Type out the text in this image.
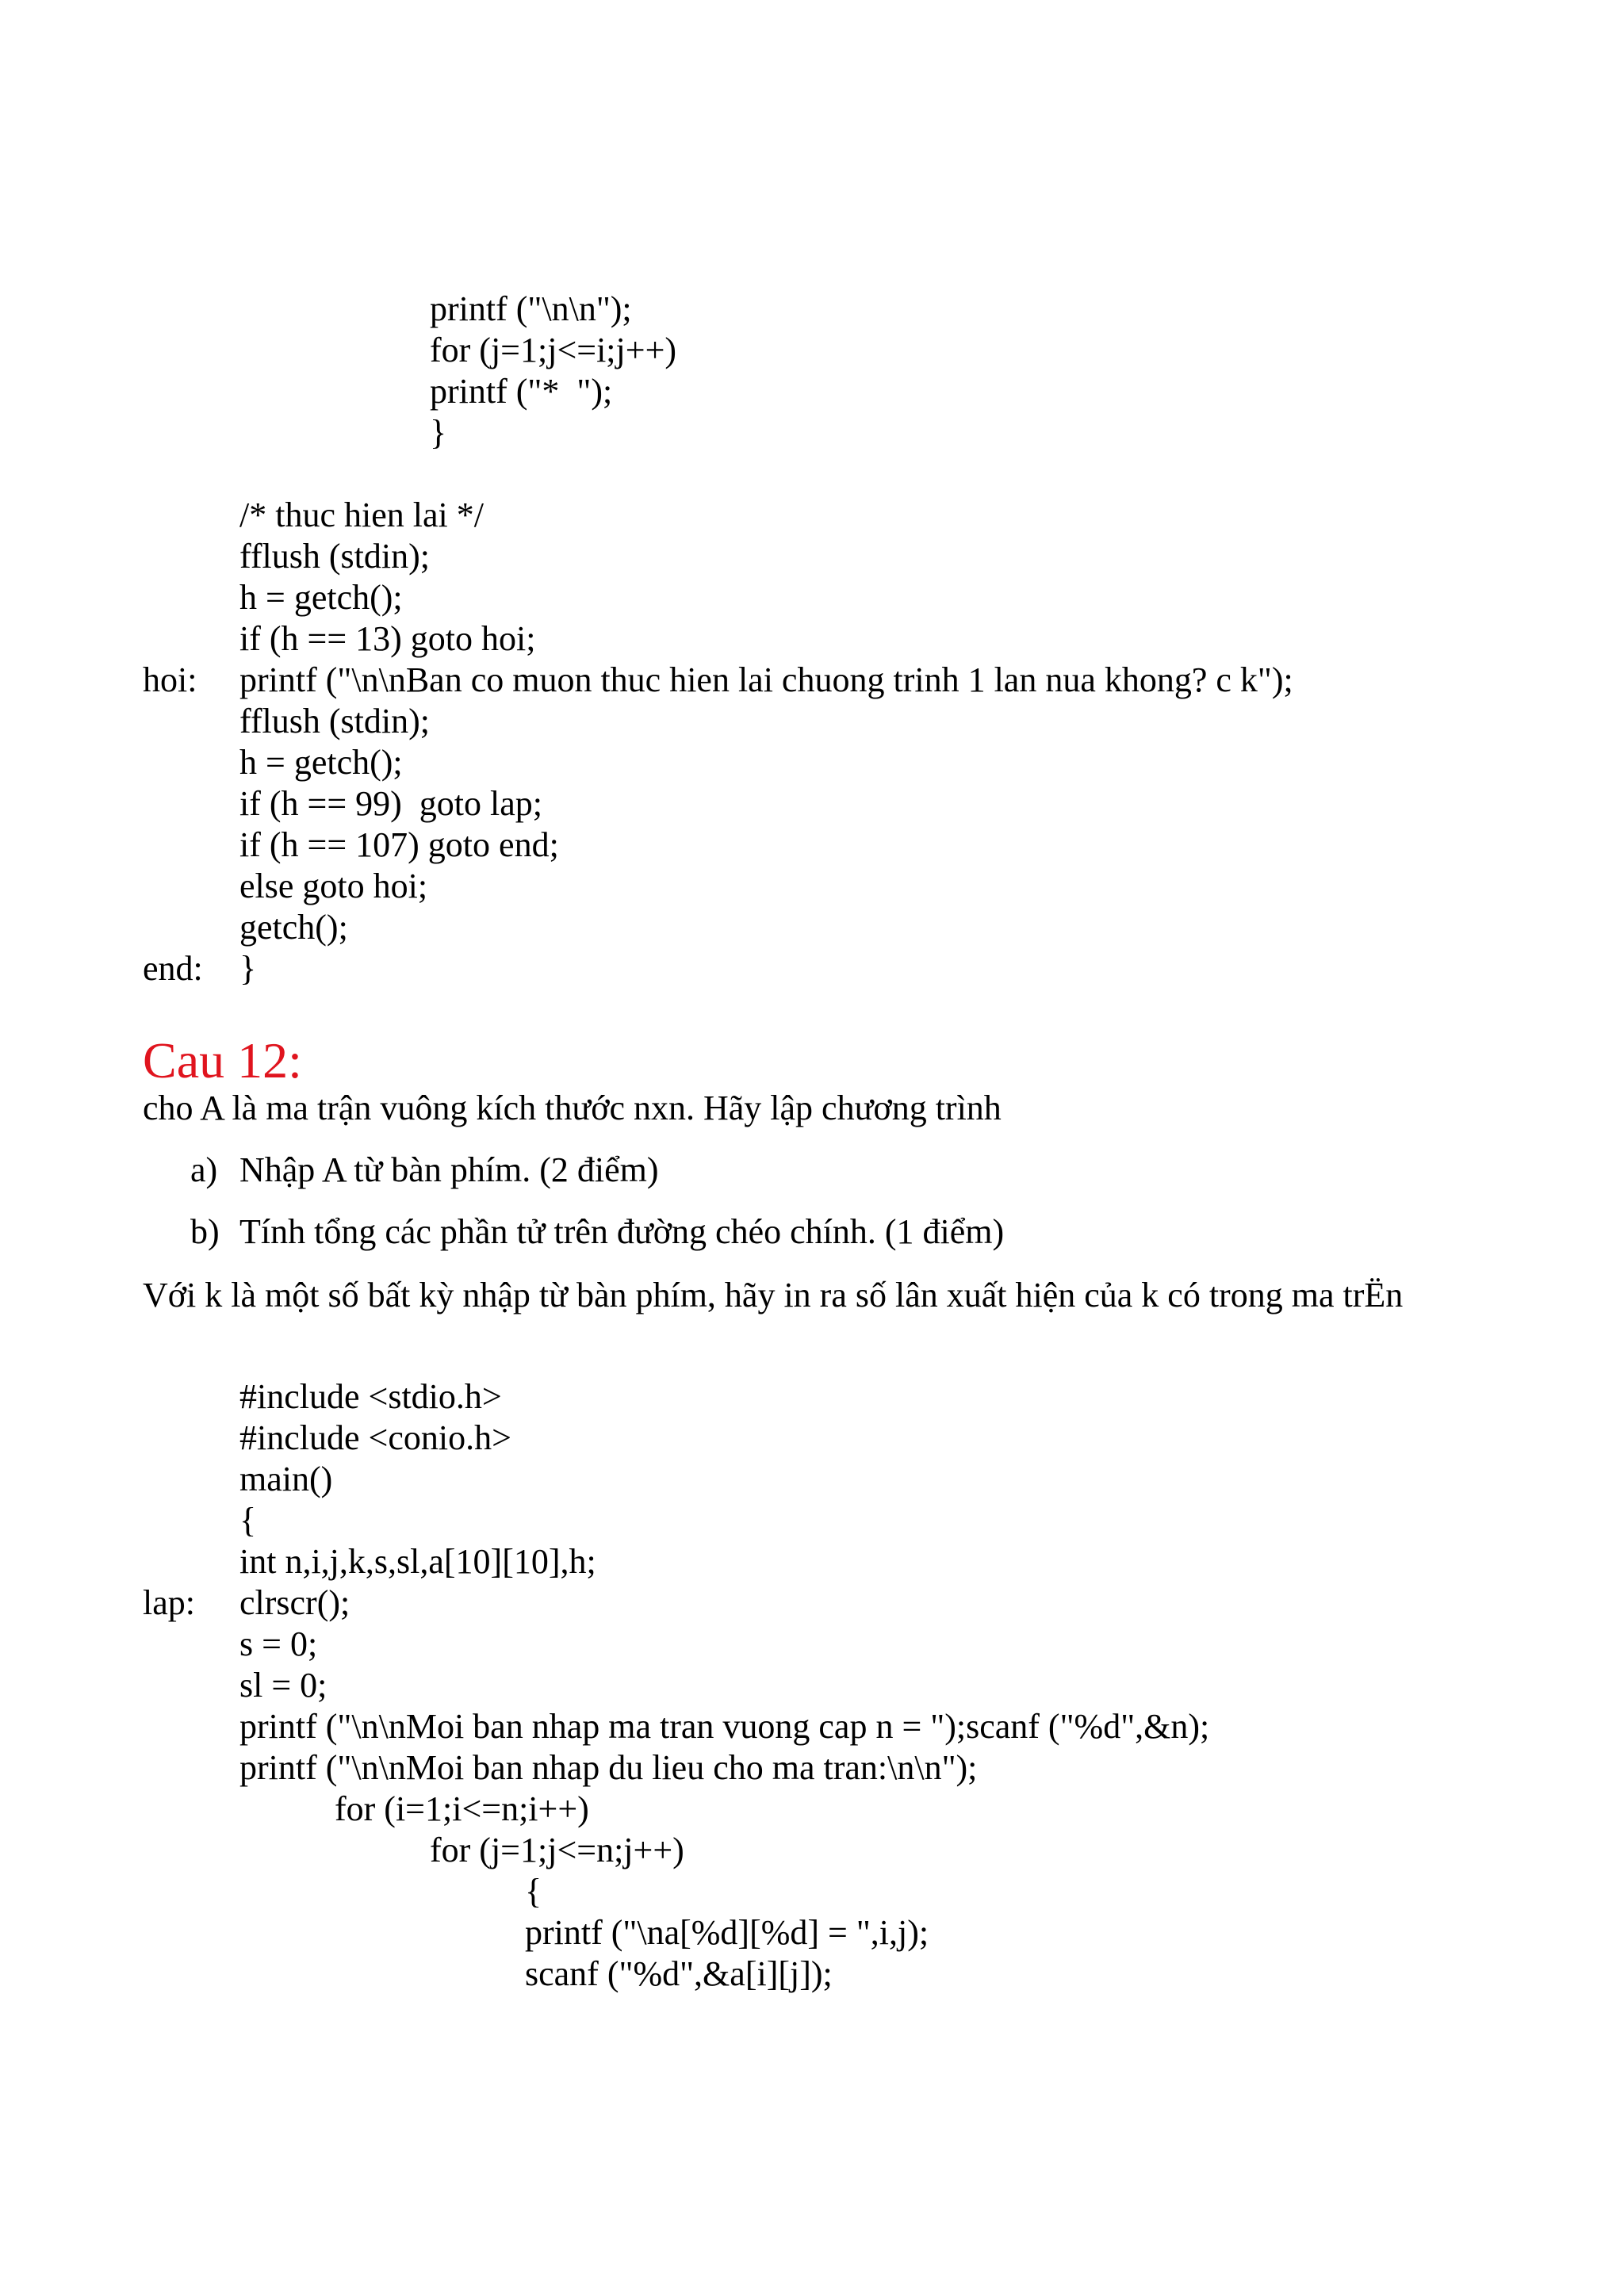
printf ("\n\n");
for (j=1;j<=i;j++)
printf ("*  ");
}
/* thuc hien lai */
fflush (stdin);
h = getch();
if (h == 13) goto hoi;
hoi: printf ("\n\nBan co muon thuc hien lai chuong trinh 1 lan nua khong? c k");
fflush (stdin);
h = getch();
if (h == 99)  goto lap;
if (h == 107) goto end;
else goto hoi;
getch();
end: }
Cau 12:
cho A là ma trận vuông kích thước nxn. Hãy lập chương trình
a) Nhập A từ bàn phím. (2 điểm)
b) Tính tổng các phần tử trên đường chéo chính. (1 điểm)
Với k là một số bất kỳ nhập từ bàn phím, hãy in ra số lân xuất hiện của k có trong ma trËn
#include <stdio.h>
#include <conio.h>
main()
{
int n,i,j,k,s,sl,a[10][10],h;
lap: clrscr();
s = 0;
sl = 0;
printf ("\n\nMoi ban nhap ma tran vuong cap n = ");scanf ("%d",&n);
printf ("\n\nMoi ban nhap du lieu cho ma tran:\n\n");
for (i=1;i<=n;i++)
for (j=1;j<=n;j++)
{
printf ("\na[%d][%d] = ",i,j);
scanf ("%d",&a[i][j]);
